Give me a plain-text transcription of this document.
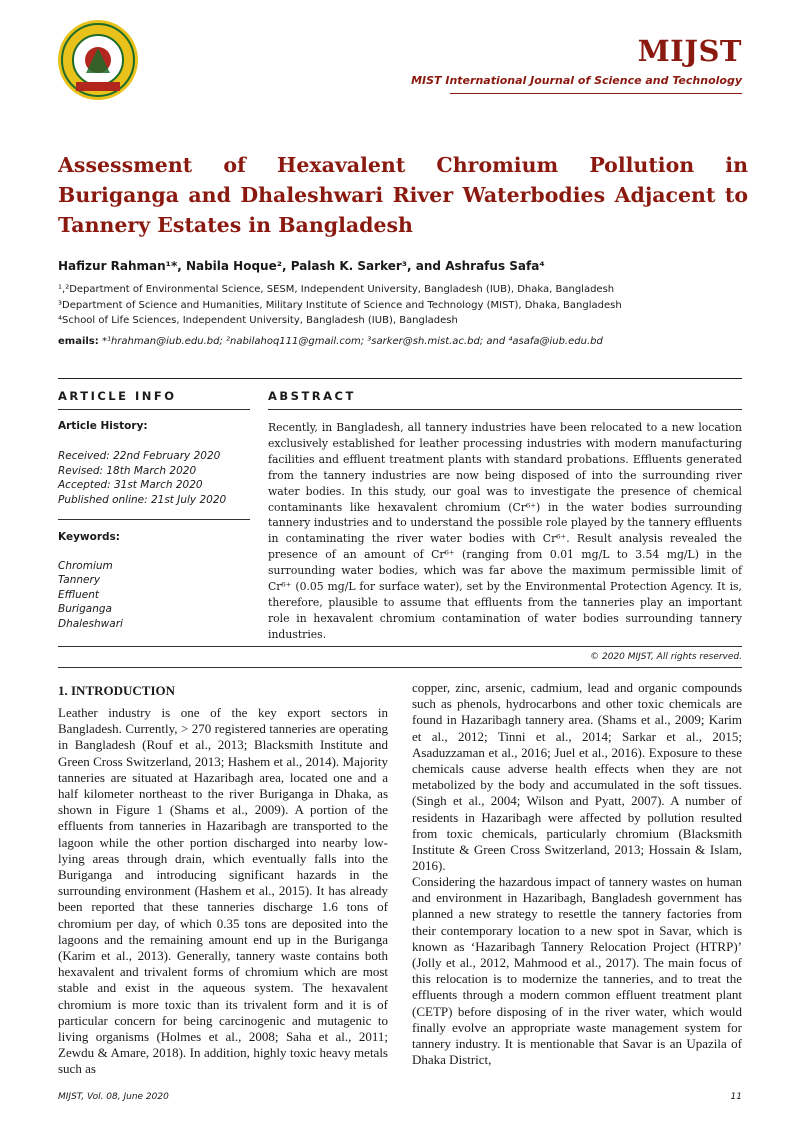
MIJST
MIST International Journal of Science and Technology
Assessment of Hexavalent Chromium Pollution in Buriganga and Dhaleshwari River Waterbodies Adjacent to Tannery Estates in Bangladesh
Hafizur Rahman¹*, Nabila Hoque², Palash K. Sarker³, and Ashrafus Safa⁴
¹,²Department of Environmental Science, SESM, Independent University, Bangladesh (IUB), Dhaka, Bangladesh
³Department of Science and Humanities, Military Institute of Science and Technology (MIST), Dhaka, Bangladesh
⁴School of Life Sciences, Independent University, Bangladesh (IUB), Bangladesh
emails: *¹hrahman@iub.edu.bd; ²nabilahoq111@gmail.com; ³sarker@sh.mist.ac.bd; and ⁴asafa@iub.edu.bd
ARTICLE INFO
Article History:
Received: 22nd February 2020
Revised: 18th March 2020
Accepted: 31st March 2020
Published online: 21st July 2020
Keywords:
Chromium
Tannery
Effluent
Buriganga
Dhaleshwari
ABSTRACT
Recently, in Bangladesh, all tannery industries have been relocated to a new location exclusively established for leather processing industries with modern manufacturing facilities and effluent treatment plants with standard probations. Effluents generated from the tannery industries are now being disposed of into the surrounding river water bodies. In this study, our goal was to investigate the presence of chemical contaminants like hexavalent chromium (Cr⁶⁺) in the water bodies surrounding tannery industries and to understand the possible role played by the tannery effluents in contaminating the river water bodies with Cr⁶⁺. Result analysis revealed the presence of an amount of Cr⁶⁺ (ranging from 0.01 mg/L to 3.54 mg/L) in the surrounding water bodies, which was far above the maximum permissible limit of Cr⁶⁺ (0.05 mg/L for surface water), set by the Environmental Protection Agency. It is, therefore, plausible to assume that effluents from the tanneries play an important role in hexavalent chromium contamination of water bodies surrounding tannery industries.
© 2020 MIJST, All rights reserved.
1. INTRODUCTION

Leather industry is one of the key export sectors in Bangladesh. Currently, > 270 registered tanneries are operating in Bangladesh (Rouf et al., 2013; Blacksmith Institute and Green Cross Switzerland, 2013; Hashem et al., 2014). Majority tanneries are situated at Hazaribagh area, located one and a half kilometer northeast to the river Buriganga in Dhaka, as shown in Figure 1 (Shams et al., 2009). A portion of the effluents from tanneries in Hazaribagh are transported to the lagoon while the other portion discharged into nearby low-lying areas through drain, which eventually falls into the Buriganga and introducing significant hazards in the surrounding environment (Hashem et al., 2015). It has already been reported that these tanneries discharge 1.6 tons of chromium per day, of which 0.35 tons are deposited into the lagoons and the remaining amount end up in the Buriganga (Karim et al., 2013). Generally, tannery waste contains both hexavalent and trivalent forms of chromium which are most stable and exist in the aqueous system. The hexavalent chromium is more toxic than its trivalent form and it is of particular concern for being carcinogenic and mutagenic to living organisms (Holmes et al., 2008; Saha et al., 2011; Zewdu & Amare, 2018). In addition, highly toxic heavy metals such as

copper, zinc, arsenic, cadmium, lead and organic compounds such as phenols, hydrocarbons and other toxic chemicals are found in Hazaribagh tannery area. (Shams et al., 2009; Karim et al., 2012; Tinni et al., 2014; Sarkar et al., 2015; Asaduzzaman et al., 2016; Juel et al., 2016). Exposure to these chemicals cause adverse health effects when they are not metabolized by the body and accumulated in the soft tissues. (Singh et al., 2004; Wilson and Pyatt, 2007). A number of residents in Hazaribagh were affected by pollution resulted from toxic chemicals, particularly chromium (Blacksmith Institute & Green Cross Switzerland, 2013; Hossain & Islam, 2016).

Considering the hazardous impact of tannery wastes on human and environment in Hazaribagh, Bangladesh government has planned a new strategy to resettle the tannery factories from their contemporary location to a new spot in Savar, which is known as ‘Hazaribagh Tannery Relocation Project (HTRP)’ (Jolly et al., 2012, Mahmood et al., 2017). The main focus of this relocation is to modernize the tanneries, and to treat the effluents through a modern common effluent treatment plant (CETP) before disposing of in the river water, which would finally evolve an appropriate waste management system for tannery industry. It is mentionable that Savar is an Upazila of Dhaka District,

MIJST, Vol. 08, June 2020	11
